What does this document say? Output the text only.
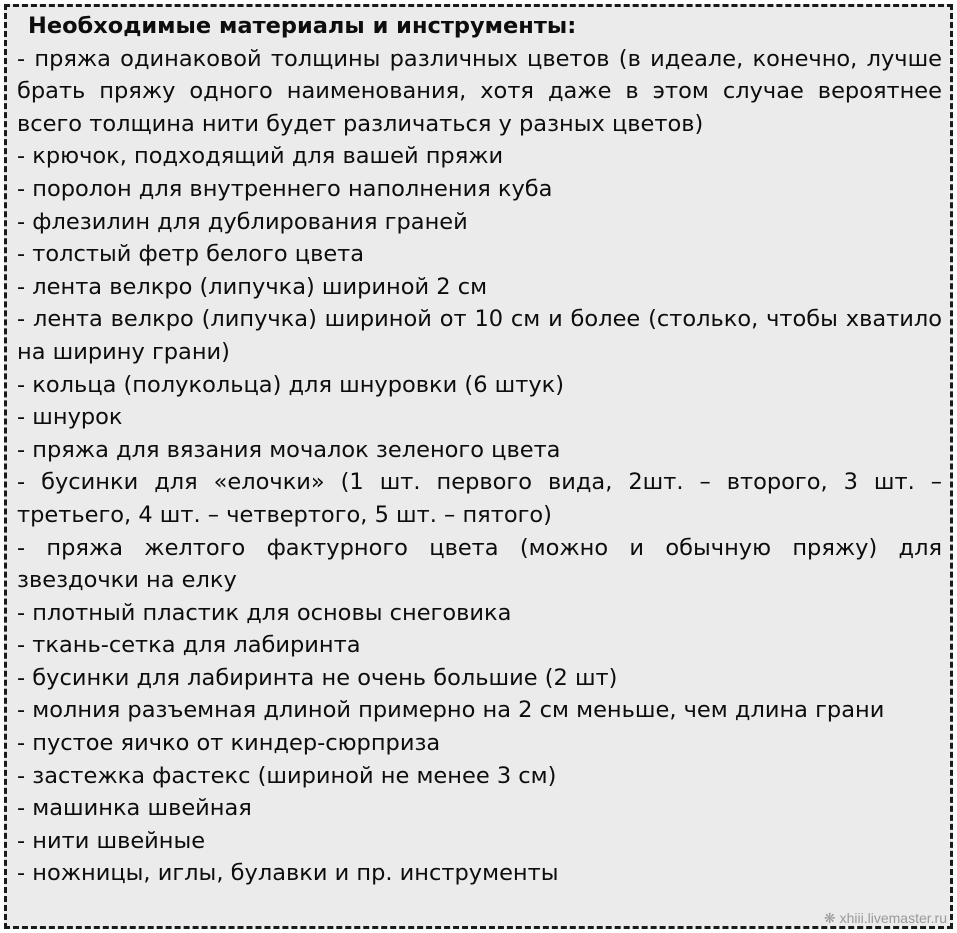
Необходимые материалы и инструменты:
- пряжа одинаковой толщины различных цветов (в идеале, конечно, лучше брать пряжу одного наименования, хотя даже в этом случае вероятнее всего толщина нити будет различаться у разных цветов)
- крючок, подходящий для вашей пряжи
- поролон для внутреннего наполнения куба
- флезилин для дублирования граней
- толстый фетр белого цвета
- лента велкро (липучка) шириной 2 см
- лента велкро (липучка) шириной от 10 см и более (столько, чтобы хватило на ширину грани)
- кольца (полукольца) для шнуровки (6 штук)
- шнурок
- пряжа для вязания мочалок зеленого цвета
- бусинки для «елочки» (1 шт. первого вида, 2шт. – второго, 3 шт. – третьего, 4 шт. – четвертого, 5 шт. – пятого)
- пряжа желтого фактурного цвета (можно и обычную пряжу) для звездочки на елку
- плотный пластик для основы снеговика
- ткань-сетка для лабиринта
- бусинки для лабиринта не очень большие (2 шт)
- молния разъемная длиной примерно на 2 см меньше, чем длина грани
- пустое яичко от киндер-сюрприза
- застежка фастекс (шириной не менее 3 см)
- машинка швейная
- нити швейные
- ножницы, иглы, булавки и пр. инструменты
❋ xhiii.livemaster.ru
